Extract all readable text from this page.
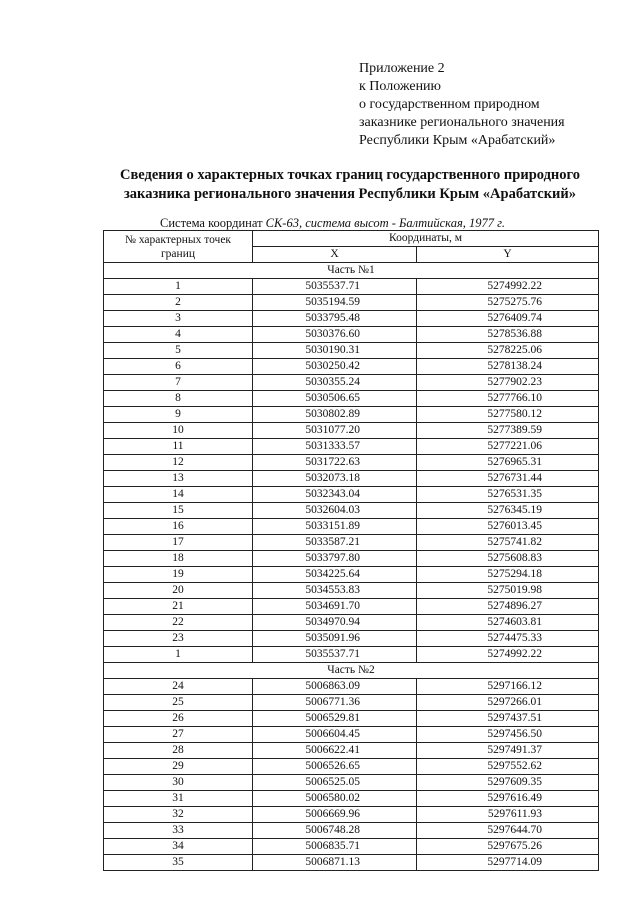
Приложение 2
к Положению
о государственном природном
заказнике регионального значения
Республики Крым «Арабатский»
Сведения о характерных точках границ государственного природного
заказника регионального значения Республики Крым «Арабатский»
Система координат СК-63, система высот - Балтийская, 1977 г.
№ характерных точек
границ	Координаты, м	
	X	Y
Часть №1		
1	5035537.71	5274992.22
2	5035194.59	5275275.76
3	5033795.48	5276409.74
4	5030376.60	5278536.88
5	5030190.31	5278225.06
6	5030250.42	5278138.24
7	5030355.24	5277902.23
8	5030506.65	5277766.10
9	5030802.89	5277580.12
10	5031077.20	5277389.59
11	5031333.57	5277221.06
12	5031722.63	5276965.31
13	5032073.18	5276731.44
14	5032343.04	5276531.35
15	5032604.03	5276345.19
16	5033151.89	5276013.45
17	5033587.21	5275741.82
18	5033797.80	5275608.83
19	5034225.64	5275294.18
20	5034553.83	5275019.98
21	5034691.70	5274896.27
22	5034970.94	5274603.81
23	5035091.96	5274475.33
1	5035537.71	5274992.22
Часть №2		
24	5006863.09	5297166.12
25	5006771.36	5297266.01
26	5006529.81	5297437.51
27	5006604.45	5297456.50
28	5006622.41	5297491.37
29	5006526.65	5297552.62
30	5006525.05	5297609.35
31	5006580.02	5297616.49
32	5006669.96	5297611.93
33	5006748.28	5297644.70
34	5006835.71	5297675.26
35	5006871.13	5297714.09
